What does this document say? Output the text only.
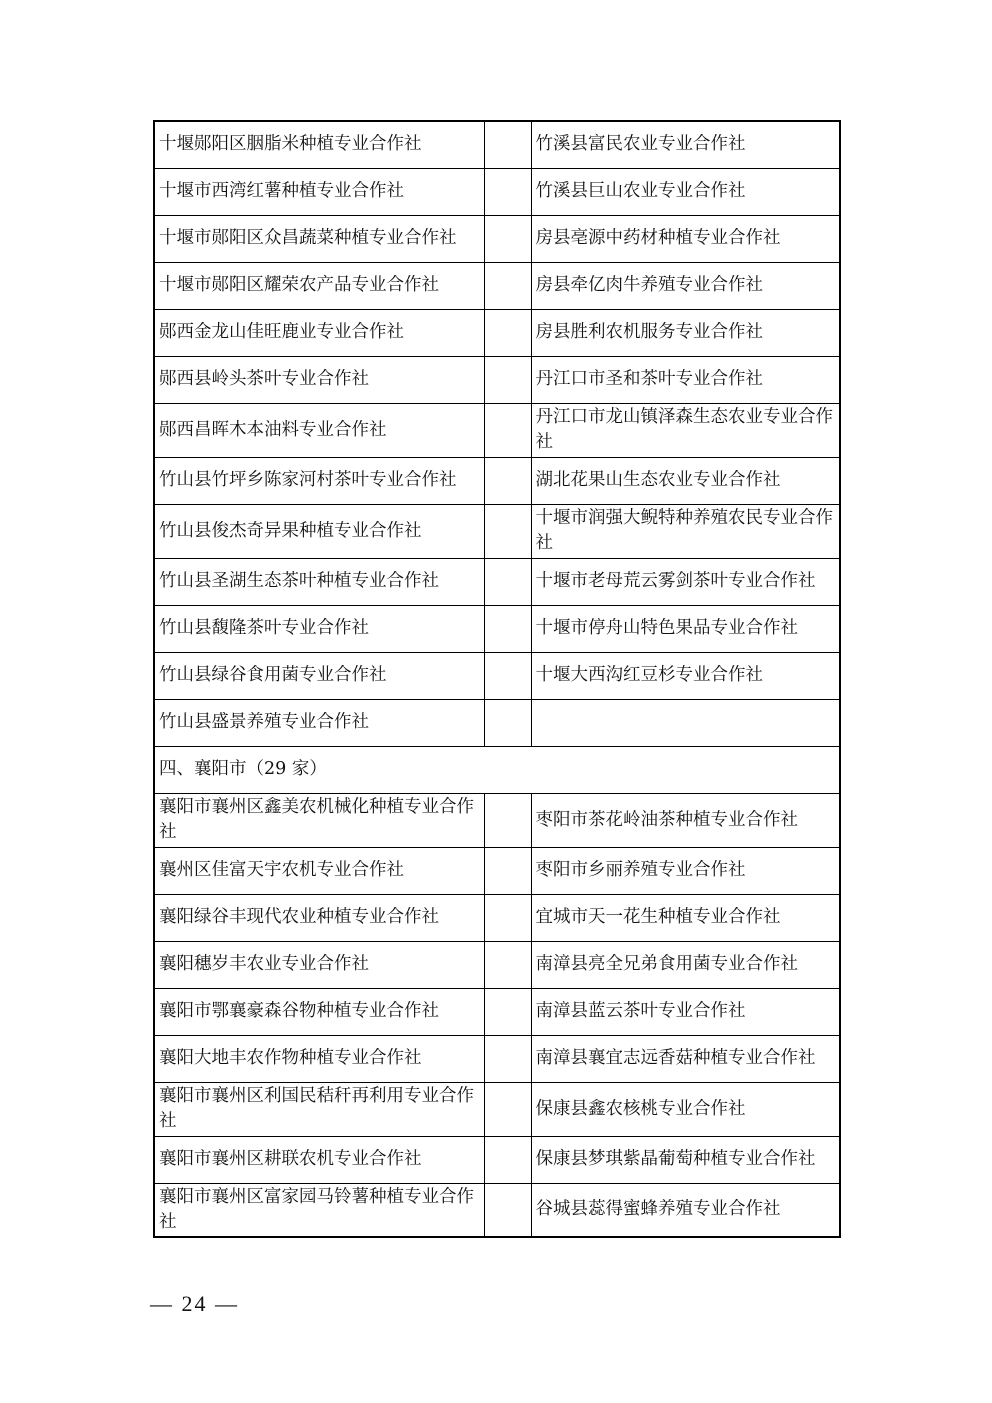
十堰郧阳区胭脂米种植专业合作社		竹溪县富民农业专业合作社
十堰市西湾红薯种植专业合作社		竹溪县巨山农业专业合作社
十堰市郧阳区众昌蔬菜种植专业合作社		房县亳源中药材种植专业合作社
十堰市郧阳区耀荣农产品专业合作社		房县牵亿肉牛养殖专业合作社
郧西金龙山佳旺鹿业专业合作社		房县胜利农机服务专业合作社
郧西县岭头茶叶专业合作社		丹江口市圣和茶叶专业合作社
郧西昌晖木本油料专业合作社		丹江口市龙山镇泽森生态农业专业合作社
竹山县竹坪乡陈家河村茶叶专业合作社		湖北花果山生态农业专业合作社
竹山县俊杰奇异果种植专业合作社		十堰市润强大鲵特种养殖农民专业合作社
竹山县圣湖生态茶叶种植专业合作社		十堰市老母荒云雾剑茶叶专业合作社
竹山县馥隆茶叶专业合作社		十堰市停舟山特色果品专业合作社
竹山县绿谷食用菌专业合作社		十堰大西沟红豆杉专业合作社
竹山县盛景养殖专业合作社		
四、襄阳市（29 家）		
襄阳市襄州区鑫美农机械化种植专业合作社		枣阳市茶花岭油茶种植专业合作社
襄州区佳富天宇农机专业合作社		枣阳市乡丽养殖专业合作社
襄阳绿谷丰现代农业种植专业合作社		宜城市天一花生种植专业合作社
襄阳穗岁丰农业专业合作社		南漳县亮全兄弟食用菌专业合作社
襄阳市鄂襄豪森谷物种植专业合作社		南漳县蓝云茶叶专业合作社
襄阳大地丰农作物种植专业合作社		南漳县襄宜志远香菇种植专业合作社
襄阳市襄州区利国民秸秆再利用专业合作社		保康县鑫农核桃专业合作社
襄阳市襄州区耕联农机专业合作社		保康县梦琪紫晶葡萄种植专业合作社
襄阳市襄州区富家园马铃薯种植专业合作社		谷城县蕊得蜜蜂养殖专业合作社
— 24 —
